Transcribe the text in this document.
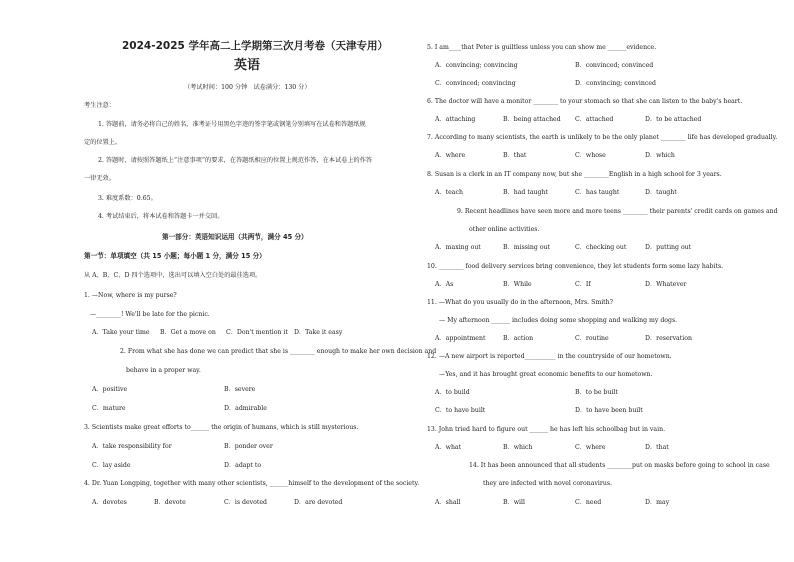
2024-2025 学年高二上学期第三次月考卷（天津专用）
英语
（考试时间：100 分钟　试卷满分：130 分）
考生注意：
1. 答题前，请务必将自己的姓名、准考证号用黑色字迹的签字笔或钢笔分别填写在试卷和答题纸规
定的位置上。
2. 答题时，请按照答题纸上“注意事项”的要求，在答题纸相应的位置上规范作答，在本试卷上的作答
一律无效。
3. 难度系数：0.65。
4. 考试结束后，将本试卷和答题卡一并交回。
第一部分：英语知识运用（共两节，满分 45 分）
第一节：单项填空（共 15 小题；每小题 1 分，满分 15 分）
从 A、B、C、D 四个选项中，选出可以填入空白处的最佳选项。
1. —Now, where is my purse?
—________! We'll be late for the picnic.
A．Take your time B．Get a move on C．Don't mention it D．Take it easy
2. From what she has done we can predict that she is ________ enough to make her own decision and
behave in a proper way.
A．positive	B．severe
C．mature	D．admirable
3. Scientists make great efforts to______ the origin of humans, which is still mysterious.
A．take responsibility for	B．ponder over
C．lay aside	D．adapt to
4. Dr. Yuan Longping, together with many other scientists, ______himself to the development of the society.
A．devotes	B．devote	C．is devoted	D．are devoted
5. I am____that Peter is guiltless unless you can show me ______evidence.
A．convincing; convincing	B．convinced; convinced
C．convinced; convincing	D．convincing; convinced
6. The doctor will have a monitor ________ to your stomach so that she can listen to the baby's heart.
A．attaching	B．being attached C．attached	D．to be attached
7. According to many scientists, the earth is unlikely to be the only planet ________ life has developed gradually.
A．where	B．that	C．whose	D．which
8. Susan is a clerk in an IT company now, but she ________English in a high school for 3 years.
A．teach	B．had taught	C．has taught	D．taught
9. Recent headlines have seen more and more teens ________ their parents' credit cards on games and
other online activities.
A．maxing out	B．missing out	C．checking out	D．putting out
10. ________ food delivery services bring convenience, they let students form some lazy habits.
A．As	B．While	C．If	D．Whatever
11. —What do you usually do in the afternoon, Mrs. Smith?
— My afternoon ______ includes doing some shopping and walking my dogs.
A．appointment	B．action	C．routine	D．reservation
12. —A new airport is reported__________ in the countryside of our hometown.
—Yes, and it has brought great economic benefits to our hometown.
A．to build	B．to be built
C．to have built	D．to have been built
13. John tried hard to figure out ______ he has left his schoolbag but in vain.
A．what	B．which	C．where	D．that
14. It has been announced that all students ________put on masks before going to school in case
they are infected with novel coronavirus.
A．shall	B．will	C．need	D．may
